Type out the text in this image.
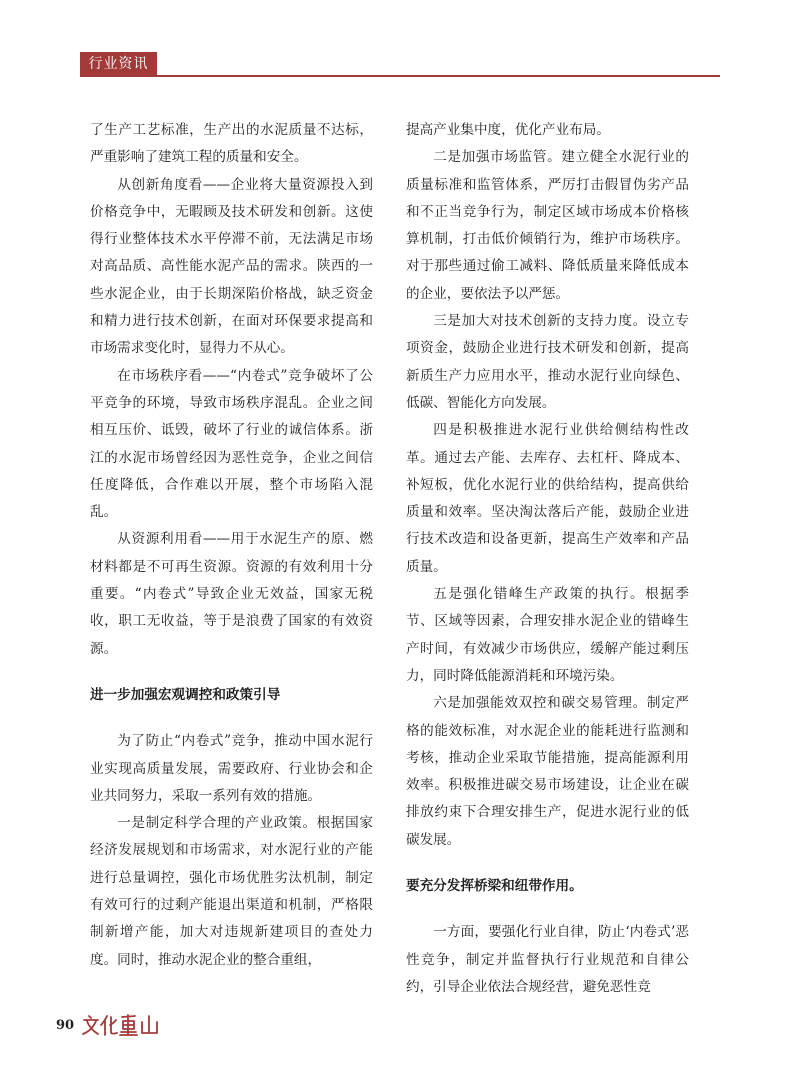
行业资讯

了生产工艺标准，生产出的水泥质量不达标，严重影响了建筑工程的质量和安全。

从创新角度看——企业将大量资源投入到价格竞争中，无暇顾及技术研发和创新。这使得行业整体技术水平停滞不前，无法满足市场对高品质、高性能水泥产品的需求。陕西的一些水泥企业，由于长期深陷价格战，缺乏资金和精力进行技术创新，在面对环保要求提高和市场需求变化时，显得力不从心。

在市场秩序看——“内卷式”竞争破坏了公平竞争的环境，导致市场秩序混乱。企业之间相互压价、诋毁，破坏了行业的诚信体系。浙江的水泥市场曾经因为恶性竞争，企业之间信任度降低，合作难以开展，整个市场陷入混乱。

从资源利用看——用于水泥生产的原、燃材料都是不可再生资源。资源的有效利用十分重要。“内卷式”导致企业无效益，国家无税收，职工无收益，等于是浪费了国家的有效资源。

进一步加强宏观调控和政策引导

为了防止“内卷式”竞争，推动中国水泥行业实现高质量发展，需要政府、行业协会和企业共同努力，采取一系列有效的措施。

一是制定科学合理的产业政策。根据国家经济发展规划和市场需求，对水泥行业的产能进行总量调控，强化市场优胜劣汰机制，制定有效可行的过剩产能退出渠道和机制，严格限制新增产能，加大对违规新建项目的查处力度。同时，推动水泥企业的整合重组，

提高产业集中度，优化产业布局。

二是加强市场监管。建立健全水泥行业的质量标准和监管体系，严厉打击假冒伪劣产品和不正当竞争行为，制定区域市场成本价格核算机制，打击低价倾销行为，维护市场秩序。对于那些通过偷工减料、降低质量来降低成本的企业，要依法予以严惩。

三是加大对技术创新的支持力度。设立专项资金，鼓励企业进行技术研发和创新，提高新质生产力应用水平，推动水泥行业向绿色、低碳、智能化方向发展。

四是积极推进水泥行业供给侧结构性改革。通过去产能、去库存、去杠杆、降成本、补短板，优化水泥行业的供给结构，提高供给质量和效率。坚决淘汰落后产能，鼓励企业进行技术改造和设备更新，提高生产效率和产品质量。

五是强化错峰生产政策的执行。根据季节、区域等因素，合理安排水泥企业的错峰生产时间，有效减少市场供应，缓解产能过剩压力，同时降低能源消耗和环境污染。

六是加强能效双控和碳交易管理。制定严格的能效标准，对水泥企业的能耗进行监测和考核，推动企业采取节能措施，提高能源利用效率。积极推进碳交易市场建设，让企业在碳排放约束下合理安排生产，促进水泥行业的低碳发展。

要充分发挥桥梁和纽带作用。

一方面，要强化行业自律，防止‘内卷式’恶性竞争，制定并监督执行行业规范和自律公约，引导企业依法合规经营，避免恶性竞

90
